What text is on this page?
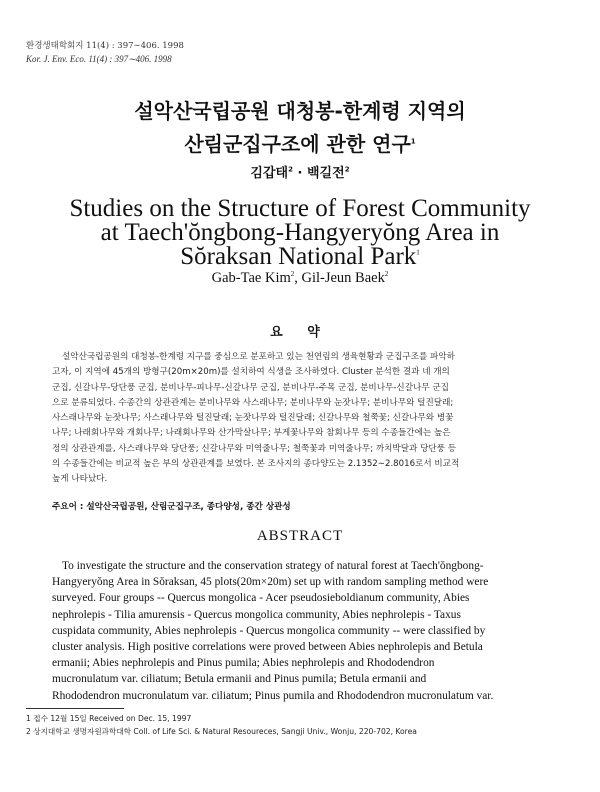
환경생태학회지 11(4) : 397∼406. 1998
Kor. J. Env. Eco. 11(4) : 397∼406. 1998
설악산국립공원 대청봉-한계령 지역의
산림군집구조에 관한 연구$^1$
김갑태$^2$ · 백길전$^2$
Studies on the Structure of Forest Community
at Taech'ŏngbong-Hangyeryŏng Area in
Sŏraksan National Park$^1$
Gab-Tae Kim$^2$, Gil-Jeun Baek$^2$
요 약

설악산국립공원의 대청봉-한계령 지구를 중심으로 분포하고 있는 천연림의 생육현황과 군집구조를 파악하

고자, 이 지역에 45개의 방형구(20m×20m)를 설치하여 식생을 조사하였다. Cluster 분석한 결과 네 개의

군집, 신갈나무-당단풍 군집, 분비나무-피나무-신갈나무 군집, 분비나무-주목 군집, 분비나무-신갈나무 군집

으로 분류되었다. 수종간의 상관관계는 분비나무와 사스래나무; 분비나무와 눈잣나무; 분비나무와 털진달래;

사스래나무와 눈잣나무; 사스래나무와 털진달래; 눈잣나무와 털진달래; 신갈나무와 철쭉꽃; 신갈나무와 병꽃

나무; 나래회나무와 개회나무; 나래회나무와 산가막살나무; 부게꽃나무와 참회나무 등의 수종들간에는 높은

정의 상관관계를, 사스래나무와 당단풍; 신갈나무와 미역줄나무; 철쭉꽃과 미역줄나무; 까치박달과 당단풍 등

의 수종들간에는 비교적 높은 부의 상관관계를 보였다. 본 조사지의 종다양도는 2.1352∼2.8016로서 비교적

높게 나타났다.

주요어 : 설악산국립공원, 산림군집구조, 종다양성, 종간 상관성
ABSTRACT

To investigate the structure and the conservation strategy of natural forest at Taech'ŏngbong-

Hangyeryŏng Area in Sŏraksan, 45 plots(20m×20m) set up with random sampling method were

surveyed. Four groups -- Quercus mongolica - Acer pseudosieboldianum community, Abies

nephrolepis - Tilia amurensis - Quercus mongolica community, Abies nephrolepis - Taxus

cuspidata community, Abies nephrolepis - Quercus mongolica community -- were classified by

cluster analysis. High positive correlations were proved between Abies nephrolepis and Betula

ermanii; Abies nephrolepis and Pinus pumila; Abies nephrolepis and Rhododendron

mucronulatum var. ciliatum; Betula ermanii and Pinus pumila; Betula ermanii and

Rhododendron mucronulatum var. ciliatum; Pinus pumila and Rhododendron mucronulatum var.

1 접수 12월 15일 Received on Dec. 15, 1997

2 상지대학교 생명자원과학대학 Coll. of Life Sci. & Natural Resoureces, Sangji Univ., Wonju, 220-702, Korea
